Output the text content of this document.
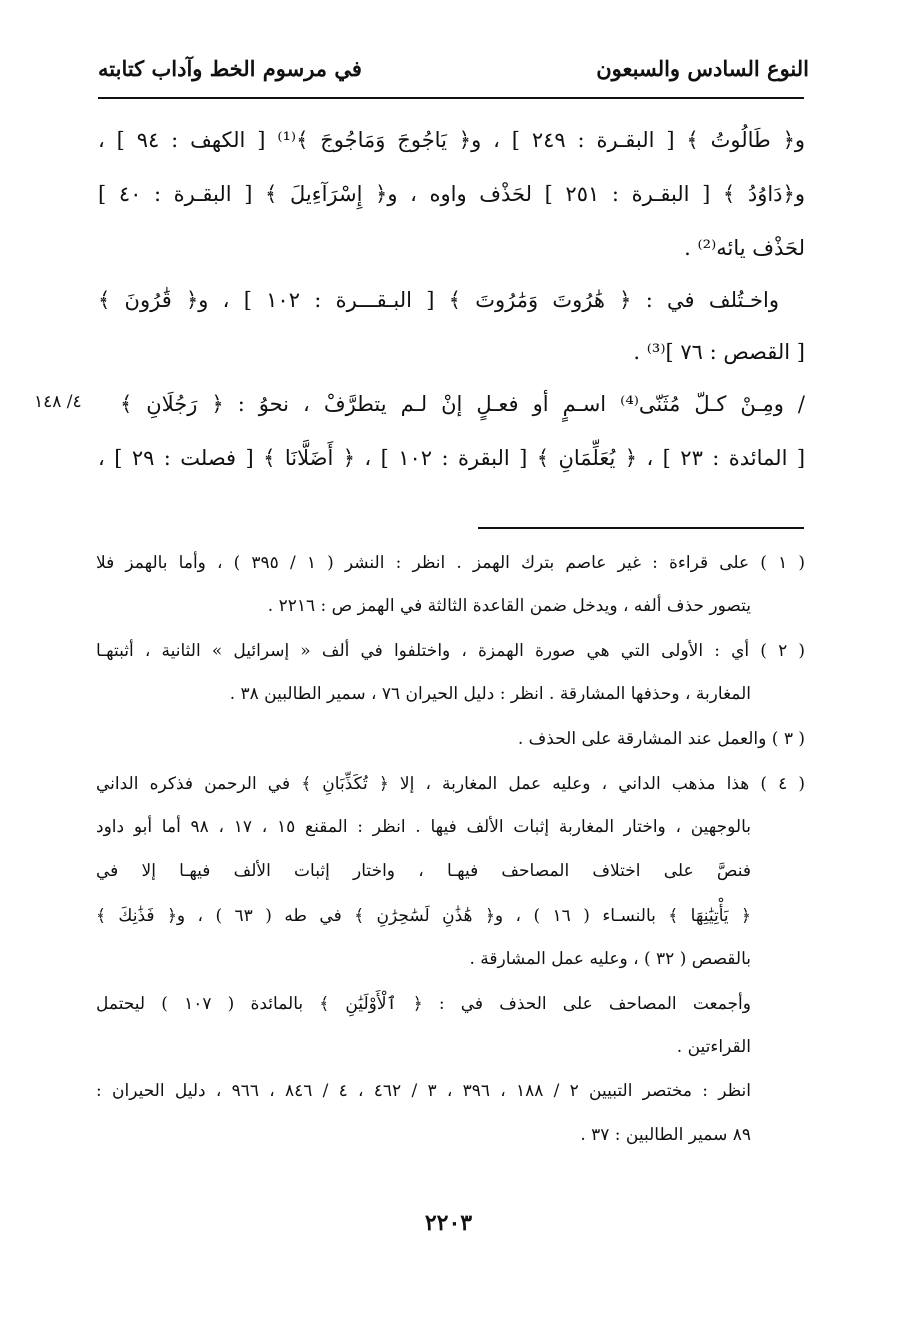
النوع السادس والسبعون
في مرسوم الخط وآداب كتابته
و﴿ طَالُوتُ ﴾ [ البقـرة : ٢٤٩ ] ، و﴿ يَاجُوجَ وَمَاجُوجَ ﴾⁽¹⁾ [ الكهف : ٩٤ ] ،
و﴿دَاوُدُ ﴾ [ البقـرة : ٢٥١ ] لحَذْف واوه ، و﴿ إِسْرَآءِيلَ ﴾ [ البقـرة : ٤٠ ]
لحَذْف يائه⁽²⁾ .
واخـتُلف في : ﴿ هَٰرُوتَ وَمَٰرُوتَ ﴾ [ البـقـــرة : ١٠٢ ] ، و﴿ قَٰرُونَ ﴾
[ القصص : ٧٦ ]⁽³⁾ .
/ ومِـنْ كـلّ مُثَنّى⁽⁴⁾ اسـمٍ أو فعـلٍ إنْ لـم يتطرَّفْ ، نحوُ : ﴿ رَجُلَانِ ﴾
٤/ ١٤٨
[ المائدة : ٢٣ ] ، ﴿ يُعَلِّمَانِ ﴾ [ البقرة : ١٠٢ ] ، ﴿ أَضَلَّانَا ﴾ [ فصلت : ٢٩ ] ،
( ١ ) على قراءة : غير عاصم بترك الهمز . انظر : النشر ( ١ / ٣٩٥ ) ، وأما بالهمز فلا
يتصور حذف ألفه ، ويدخل ضمن القاعدة الثالثة في الهمز ص : ٢٢١٦ .
( ٢ ) أي : الأولى التي هي صورة الهمزة ، واختلفوا في ألف « إسرائيل » الثانية ، أثبتهـا
المغاربة ، وحذفها المشارقة . انظر : دليل الحيران ٧٦ ، سمير الطالبين ٣٨ .
( ٣ ) والعمل عند المشارقة على الحذف .
( ٤ ) هذا مذهب الداني ، وعليه عمل المغاربة ، إلا ﴿ تُكَذِّبَانِ ﴾ في الرحمن فذكره الداني
بالوجهين ، واختار المغاربة إثبات الألف فيها . انظر : المقنع ١٥ ، ١٧ ، ٩٨ أما أبو داود
فنصَّ على اختلاف المصاحف فيهـا ، واختار إثبات الألف فيهـا إلا في
﴿ يَأْتِيَٰنِهَا ﴾ بالنسـاء ( ١٦ ) ، و﴿ هَٰذَٰنِ لَسَٰحِرَٰنِ ﴾ في طه ( ٦٣ ) ، و﴿ فَذَٰنِكَ ﴾
بالقصص ( ٣٢ ) ، وعليه عمل المشارقة .
وأجمعت المصاحف على الحذف في : ﴿ ٱلْأَوْلَيَٰنِ ﴾ بالمائدة ( ١٠٧ ) ليحتمل
القراءتين .
انظر : مختصر التبيين ٢ / ١٨٨ ، ٣٩٦ ، ٣ / ٤٦٢ ، ٤ / ٨٤٦ ، ٩٦٦ ، دليل الحيران :
٨٩ سمير الطالبين : ٣٧ .
٢٢٠٣
